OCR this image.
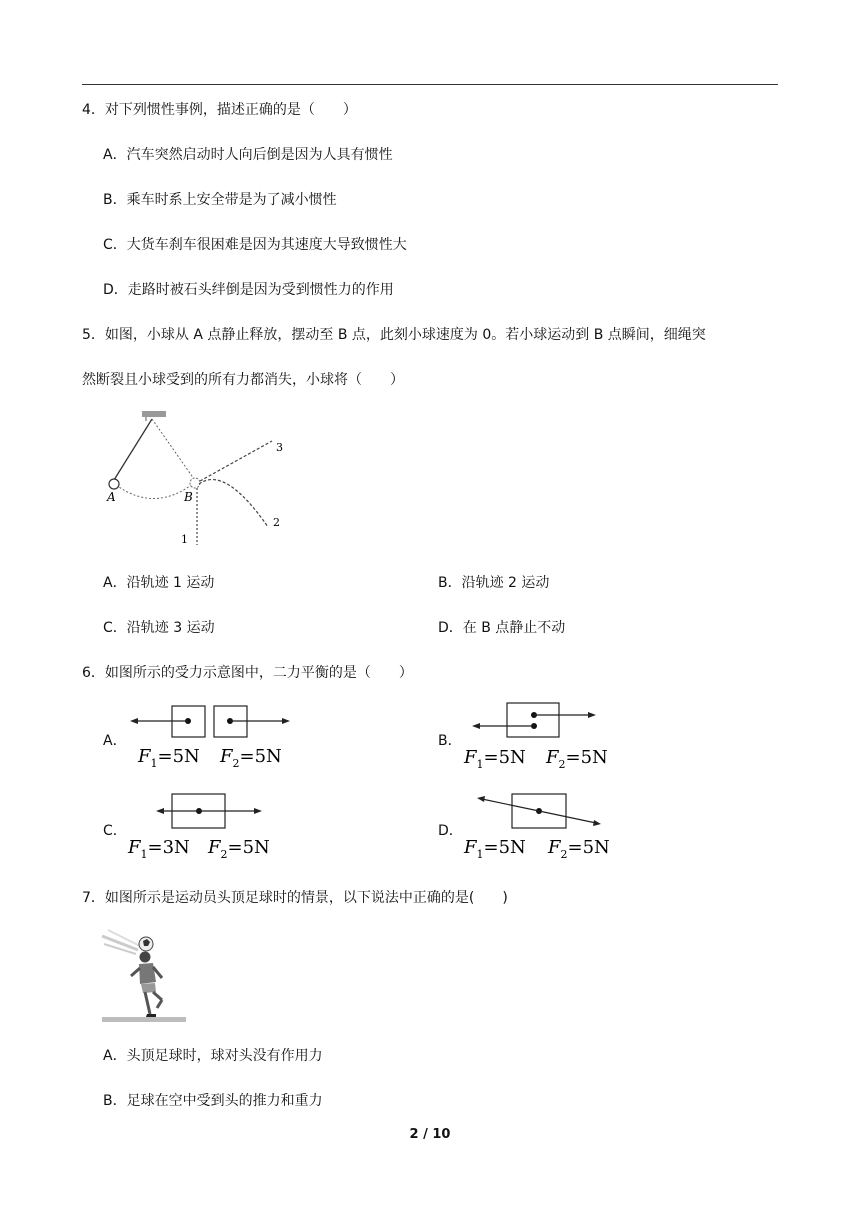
4．对下列惯性事例，描述正确的是（　　）
A．汽车突然启动时人向后倒是因为人具有惯性
B．乘车时系上安全带是为了减小惯性
C．大货车刹车很困难是因为其速度大导致惯性大
D．走路时被石头绊倒是因为受到惯性力的作用
5．如图，小球从 A 点静止释放，摆动至 B 点，此刻小球速度为 0。若小球运动到 B 点瞬间，细绳突
然断裂且小球受到的所有力都消失，小球将（　　）
A	B
1
2
3
A．沿轨迹 1 运动	B．沿轨迹 2 运动
C．沿轨迹 3 运动	D．在 B 点静止不动
6．如图所示的受力示意图中，二力平衡的是（　　）
A．
$F_1=5N$ $F_2=5N$
B．
$F_1=5N$ $F_2=5N$
C．
$F_1=3N$ $F_2=5N$
D．
$F_1=5N$ $F_2=5N$
7．如图所示是运动员头顶足球时的情景，以下说法中正确的是(　　)
A．头顶足球时，球对头没有作用力
B．足球在空中受到头的推力和重力
2 / 10
